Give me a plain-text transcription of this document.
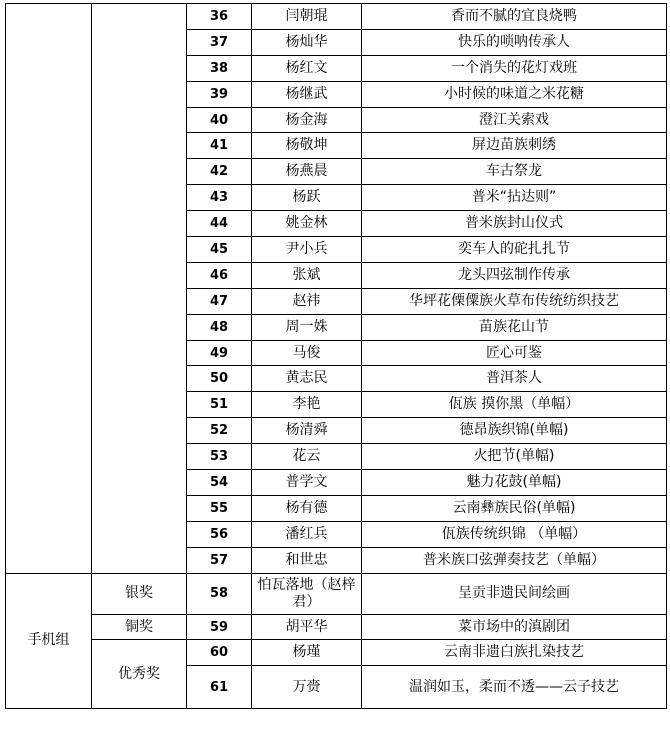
		36	闫朝琨	香而不腻的宜良烧鸭
		37	杨灿华	快乐的唢呐传承人
		38	杨红文	一个消失的花灯戏班
		39	杨继武	小时候的味道之米花糖
		40	杨金海	澄江关索戏
		41	杨敬坤	屏边苗族刺绣
		42	杨燕晨	车古祭龙
		43	杨跃	普米“拈达则”
		44	姚金林	普米族封山仪式
		45	尹小兵	奕车人的砣扎扎节
		46	张斌	龙头四弦制作传承
		47	赵祎	华坪花傈僳族火草布传统纺织技艺
		48	周一姝	苗族花山节
		49	马俊	匠心可鉴
		50	黄志民	普洱茶人
		51	李艳	佤族 摸你黑（单幅）
		52	杨清舜	德昂族织锦(单幅)
		53	花云	火把节(单幅)
		54	普学文	魅力花鼓(单幅)
		55	杨有德	云南彝族民俗(单幅)
		56	潘红兵	佤族传统织锦 （单幅）
		57	和世忠	普米族口弦弹奏技艺（单幅）
手机组	银奖	58	怕瓦落地（赵梓君）	呈贡非遗民间绘画
	铜奖	59	胡平华	菜市场中的滇剧团
	优秀奖	60	杨瑾	云南非遗白族扎染技艺
		61	万赍	温润如玉，柔而不透——云子技艺
